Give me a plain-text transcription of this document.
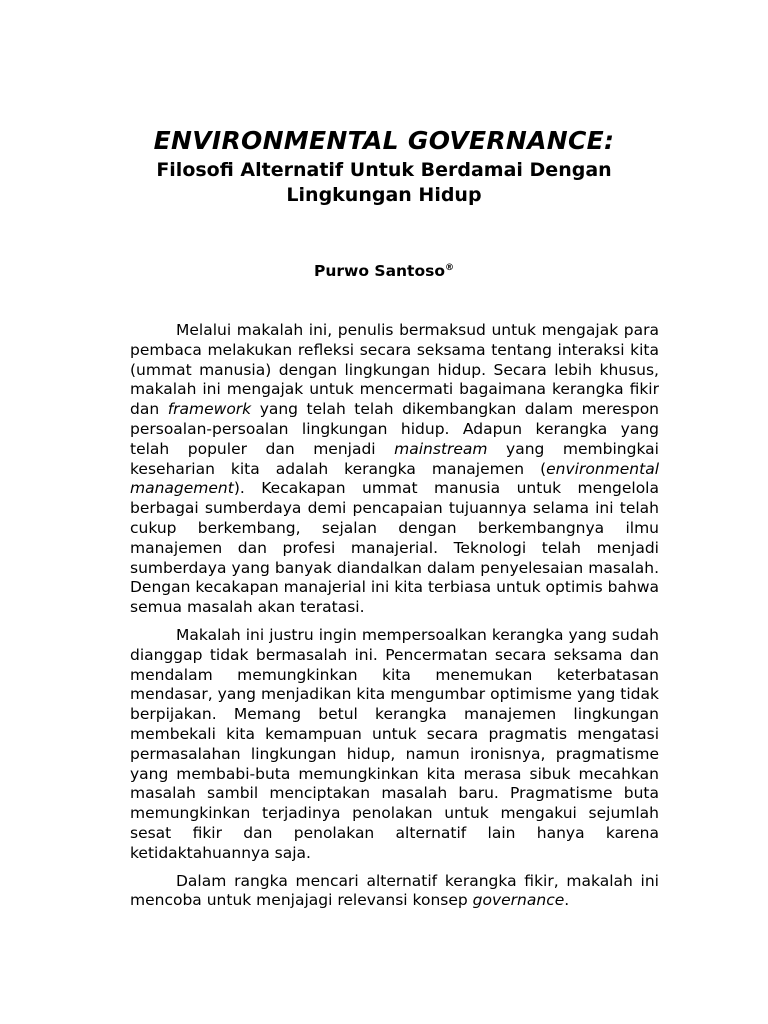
ENVIRONMENTAL GOVERNANCE:
Filosofi Alternatif Untuk Berdamai Dengan
Lingkungan Hidup
Purwo Santoso®

Melalui makalah ini, penulis bermaksud untuk mengajak para pembaca melakukan refleksi secara seksama tentang interaksi kita (ummat manusia) dengan lingkungan hidup. Secara lebih khusus, makalah ini mengajak untuk mencermati bagaimana kerangka fikir dan framework yang telah telah dikembangkan dalam merespon persoalan-persoalan lingkungan hidup. Adapun kerangka yang telah populer dan menjadi mainstream yang membingkai keseharian kita adalah kerangka manajemen (environmental management). Kecakapan ummat manusia untuk mengelola berbagai sumberdaya demi pencapaian tujuannya selama ini telah cukup berkembang, sejalan dengan berkembangnya ilmu manajemen dan profesi manajerial. Teknologi telah menjadi sumberdaya yang banyak diandalkan dalam penyelesaian masalah. Dengan kecakapan manajerial ini kita terbiasa untuk optimis bahwa semua masalah akan teratasi.

Makalah ini justru ingin mempersoalkan kerangka yang sudah dianggap tidak bermasalah ini. Pencermatan secara seksama dan mendalam memungkinkan kita menemukan keterbatasan mendasar, yang menjadikan kita mengumbar optimisme yang tidak berpijakan. Memang betul kerangka manajemen lingkungan membekali kita kemampuan untuk secara pragmatis mengatasi permasalahan lingkungan hidup, namun ironisnya, pragmatisme yang membabi-buta memungkinkan kita merasa sibuk mecahkan masalah sambil menciptakan masalah baru. Pragmatisme buta memungkinkan terjadinya penolakan untuk mengakui sejumlah sesat fikir dan penolakan alternatif lain hanya karena ketidaktahuannya saja.

Dalam rangka mencari alternatif kerangka fikir, makalah ini mencoba untuk menjajagi relevansi konsep governance.
